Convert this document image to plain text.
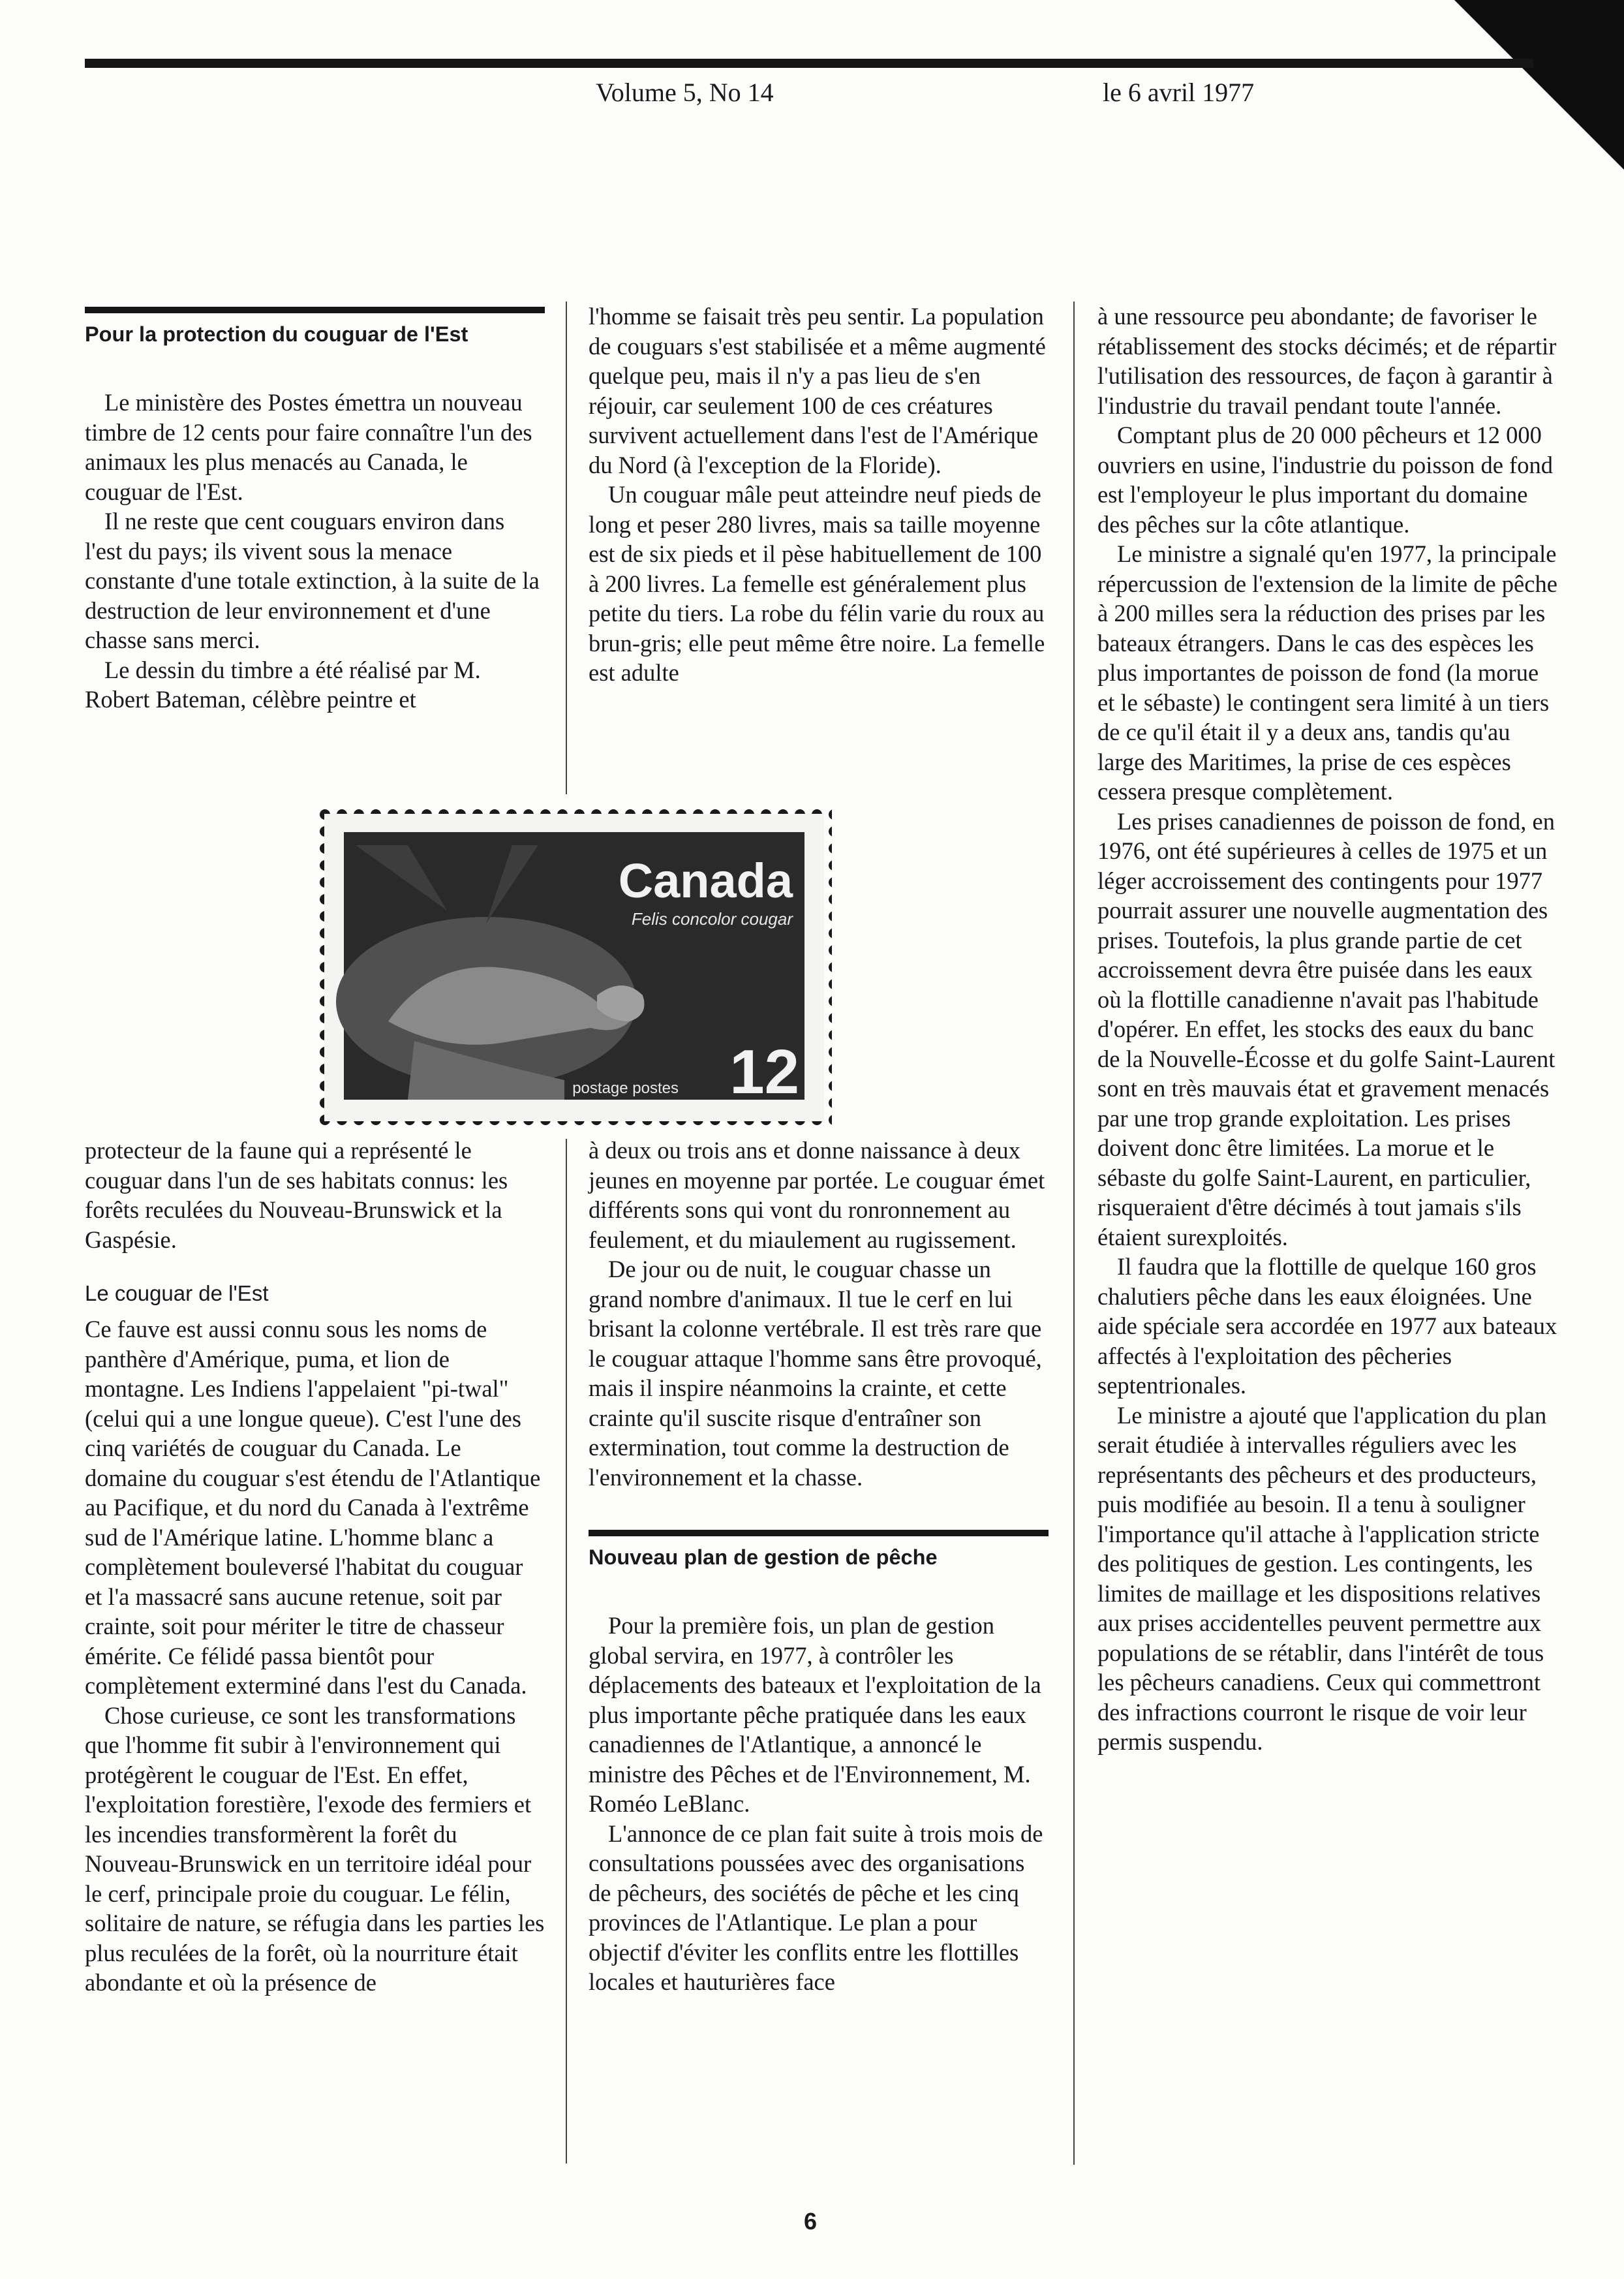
Volume 5, No 14	le 6 avril 1977
Pour la protection du couguar de l'Est

Le ministère des Postes émettra un nouveau timbre de 12 cents pour faire connaître l'un des animaux les plus menacés au Canada, le couguar de l'Est.

Il ne reste que cent couguars environ dans l'est du pays; ils vivent sous la menace constante d'une totale extinction, à la suite de la destruction de leur environnement et d'une chasse sans merci.

Le dessin du timbre a été réalisé par M. Robert Bateman, célèbre peintre et

l'homme se faisait très peu sentir. La population de couguars s'est stabilisée et a même augmenté quelque peu, mais il n'y a pas lieu de s'en réjouir, car seulement 100 de ces créatures survivent actuellement dans l'est de l'Amérique du Nord (à l'exception de la Floride).

Un couguar mâle peut atteindre neuf pieds de long et peser 280 livres, mais sa taille moyenne est de six pieds et il pèse habituellement de 100 à 200 livres. La femelle est généralement plus petite du tiers. La robe du félin varie du roux au brun-gris; elle peut même être noire. La femelle est adulte

Canada
Felis concolor cougar
postage postes 12

protecteur de la faune qui a représenté le couguar dans l'un de ses habitats connus: les forêts reculées du Nouveau-Brunswick et la Gaspésie.

Le couguar de l'Est

Ce fauve est aussi connu sous les noms de panthère d'Amérique, puma, et lion de montagne. Les Indiens l'appelaient "pi-twal" (celui qui a une longue queue). C'est l'une des cinq variétés de couguar du Canada. Le domaine du couguar s'est étendu de l'Atlantique au Pacifique, et du nord du Canada à l'extrême sud de l'Amérique latine. L'homme blanc a complètement bouleversé l'habitat du couguar et l'a massacré sans aucune retenue, soit par crainte, soit pour mériter le titre de chasseur émérite. Ce félidé passa bientôt pour complètement exterminé dans l'est du Canada.

Chose curieuse, ce sont les transformations que l'homme fit subir à l'environnement qui protégèrent le couguar de l'Est. En effet, l'exploitation forestière, l'exode des fermiers et les incendies transformèrent la forêt du Nouveau-Brunswick en un territoire idéal pour le cerf, principale proie du couguar. Le félin, solitaire de nature, se réfugia dans les parties les plus reculées de la forêt, où la nourriture était abondante et où la présence de

à deux ou trois ans et donne naissance à deux jeunes en moyenne par portée. Le couguar émet différents sons qui vont du ronronnement au feulement, et du miaulement au rugissement.

De jour ou de nuit, le couguar chasse un grand nombre d'animaux. Il tue le cerf en lui brisant la colonne vertébrale. Il est très rare que le couguar attaque l'homme sans être provoqué, mais il inspire néanmoins la crainte, et cette crainte qu'il suscite risque d'entraîner son extermination, tout comme la destruction de l'environnement et la chasse.

Nouveau plan de gestion de pêche

Pour la première fois, un plan de gestion global servira, en 1977, à contrôler les déplacements des bateaux et l'exploitation de la plus importante pêche pratiquée dans les eaux canadiennes de l'Atlantique, a annoncé le ministre des Pêches et de l'Environnement, M. Roméo LeBlanc.

L'annonce de ce plan fait suite à trois mois de consultations poussées avec des organisations de pêcheurs, des sociétés de pêche et les cinq provinces de l'Atlantique. Le plan a pour objectif d'éviter les conflits entre les flottilles locales et hauturières face

à une ressource peu abondante; de favoriser le rétablissement des stocks décimés; et de répartir l'utilisation des ressources, de façon à garantir à l'industrie du travail pendant toute l'année.

Comptant plus de 20 000 pêcheurs et 12 000 ouvriers en usine, l'industrie du poisson de fond est l'employeur le plus important du domaine des pêches sur la côte atlantique.

Le ministre a signalé qu'en 1977, la principale répercussion de l'extension de la limite de pêche à 200 milles sera la réduction des prises par les bateaux étrangers. Dans le cas des espèces les plus importantes de poisson de fond (la morue et le sébaste) le contingent sera limité à un tiers de ce qu'il était il y a deux ans, tandis qu'au large des Maritimes, la prise de ces espèces cessera presque complètement.

Les prises canadiennes de poisson de fond, en 1976, ont été supérieures à celles de 1975 et un léger accroissement des contingents pour 1977 pourrait assurer une nouvelle augmentation des prises. Toutefois, la plus grande partie de cet accroissement devra être puisée dans les eaux où la flottille canadienne n'avait pas l'habitude d'opérer. En effet, les stocks des eaux du banc de la Nouvelle-Écosse et du golfe Saint-Laurent sont en très mauvais état et gravement menacés par une trop grande exploitation. Les prises doivent donc être limitées. La morue et le sébaste du golfe Saint-Laurent, en particulier, risqueraient d'être décimés à tout jamais s'ils étaient surexploités.

Il faudra que la flottille de quelque 160 gros chalutiers pêche dans les eaux éloignées. Une aide spéciale sera accordée en 1977 aux bateaux affectés à l'exploitation des pêcheries septentrionales.

Le ministre a ajouté que l'application du plan serait étudiée à intervalles réguliers avec les représentants des pêcheurs et des producteurs, puis modifiée au besoin. Il a tenu à souligner l'importance qu'il attache à l'application stricte des politiques de gestion. Les contingents, les limites de maillage et les dispositions relatives aux prises accidentelles peuvent permettre aux populations de se rétablir, dans l'intérêt de tous les pêcheurs canadiens. Ceux qui commettront des infractions courront le risque de voir leur permis suspendu.

6
